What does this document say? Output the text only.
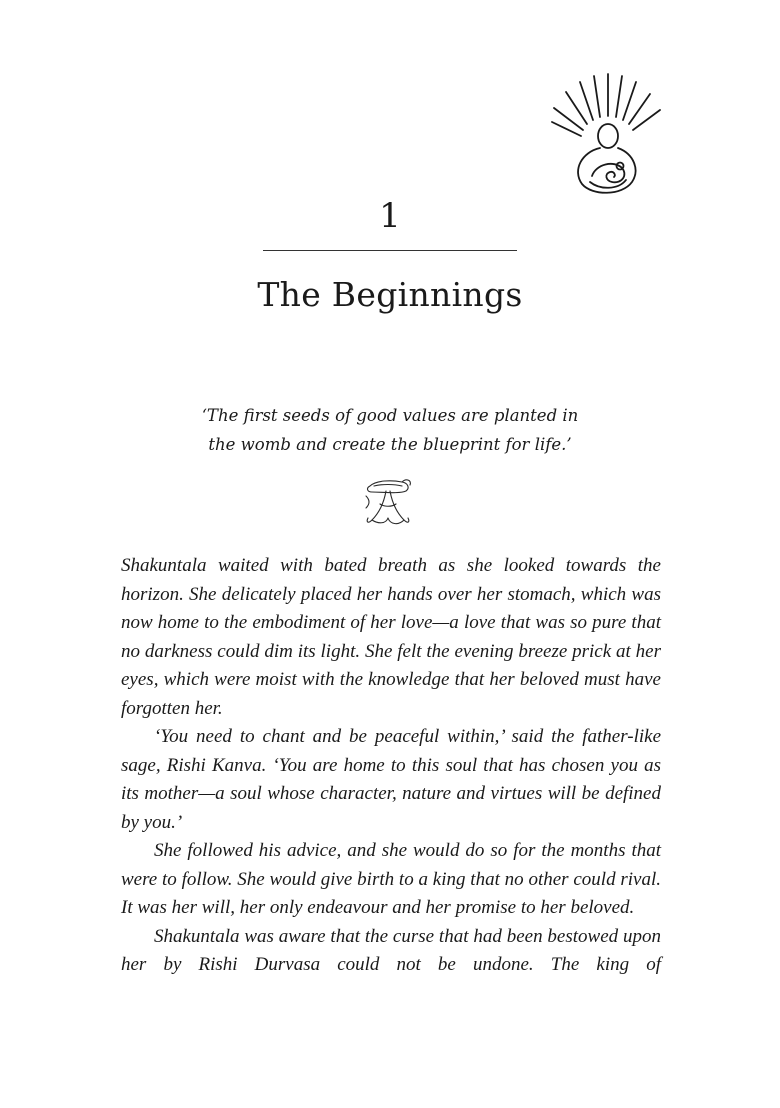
1
The Beginnings
‘The first seeds of good values are planted in
the womb and create the blueprint for life.’

Shakuntala waited with bated breath as she looked towards the horizon. She delicately placed her hands over her stomach, which was now home to the embodiment of her love—a love that was so pure that no darkness could dim its light. She felt the evening breeze prick at her eyes, which were moist with the knowledge that her beloved must have forgotten her.

‘You need to chant and be peaceful within,’ said the father-like sage, Rishi Kanva. ‘You are home to this soul that has chosen you as its mother—a soul whose character, nature and virtues will be defined by you.’

She followed his advice, and she would do so for the months that were to follow. She would give birth to a king that no other could rival. It was her will, her only endeavour and her promise to her beloved.

Shakuntala was aware that the curse that had been bestowed upon her by Rishi Durvasa could not be undone. The king of
